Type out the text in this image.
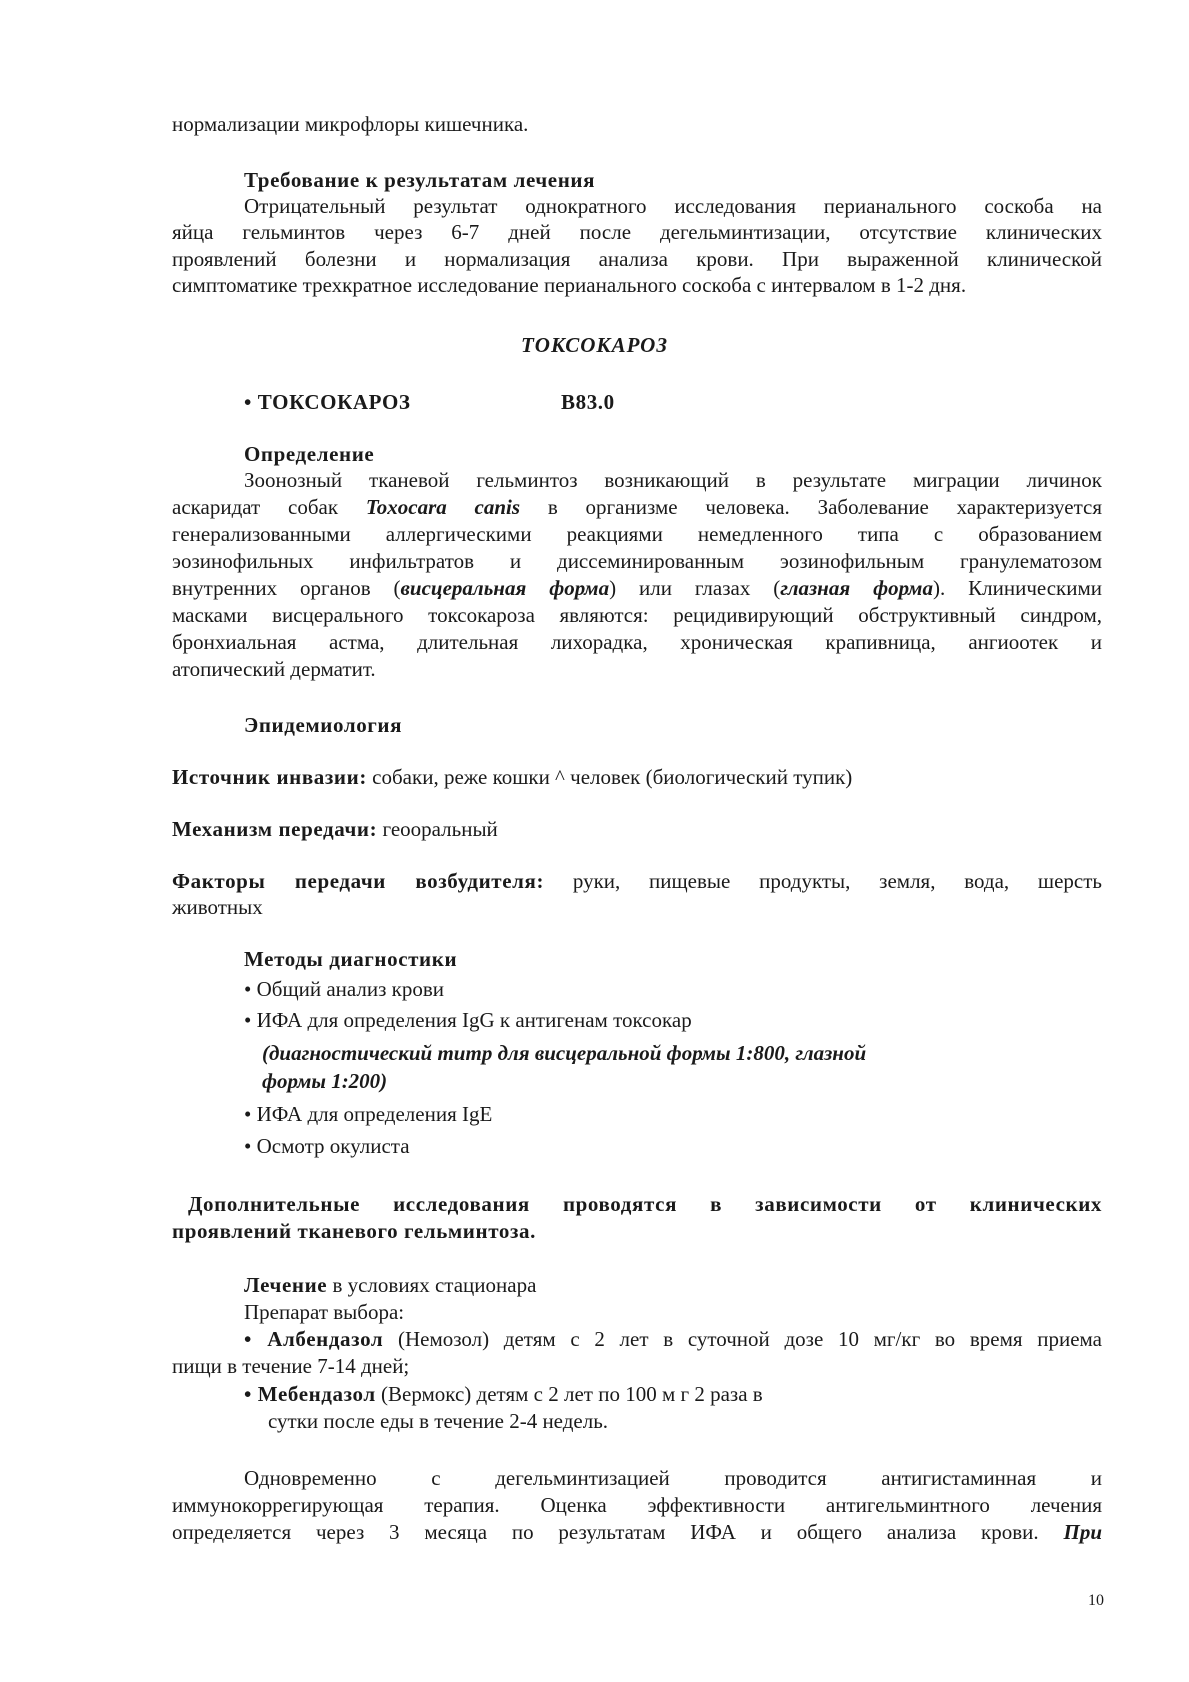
нормализации микрофлоры кишечника.
Требование к результатам лечения
Отрицательный результат однократного исследования перианального соскоба на
яйца гельминтов через 6-7 дней после дегельминтизации, отсутствие клинических
проявлений болезни и нормализация анализа крови. При выраженной клинической
симптоматике трехкратное исследование перианального соскоба с интервалом в 1-2 дня.
ТОКСОКАРОЗ
• ТОКСОКАРОЗ	B83.0
Определение
Зоонозный тканевой гельминтоз возникающий в результате миграции личинок
аскаридат собак Toxocara canis в организме человека. Заболевание характеризуется
генерализованными аллергическими реакциями немедленного типа с образованием
эозинофильных инфильтратов и диссеминированным эозинофильным гранулематозом
внутренних органов (висцеральная форма) или глазах (глазная форма). Клиническими
масками висцерального токсокароза являются: рецидивирующий обструктивный синдром,
бронхиальная астма, длительная лихорадка, хроническая крапивница, ангиоотек и
атопический дерматит.
Эпидемиология
Источник инвазии: собаки, реже кошки ^ человек (биологический тупик)
Механизм передачи: геооральный
Факторы передачи возбудителя: руки, пищевые продукты, земля, вода, шерсть
животных
Методы диагностики
• Общий анализ крови
• ИФА для определения IgG к антигенам токсокар
(диагностический титр для висцеральной формы 1:800, глазной
формы 1:200)
• ИФА для определения IgE
• Осмотр окулиста
Дополнительные исследования проводятся в зависимости от клинических
проявлений тканевого гельминтоза.
Лечение в условиях стационара
Препарат выбора:
• Албендазол (Немозол) детям с 2 лет в суточной дозе 10 мг/кг во время приема
пищи в течение 7-14 дней;
• Мебендазол (Вермокс) детям с 2 лет по 100 м г 2 раза в
сутки после еды в течение 2-4 недель.
Одновременно с дегельминтизацией проводится антигистаминная и
иммунокоррегирующая терапия. Оценка эффективности антигельминтного лечения
определяется через 3 месяца по результатам ИФА и общего анализа крови. При
10
